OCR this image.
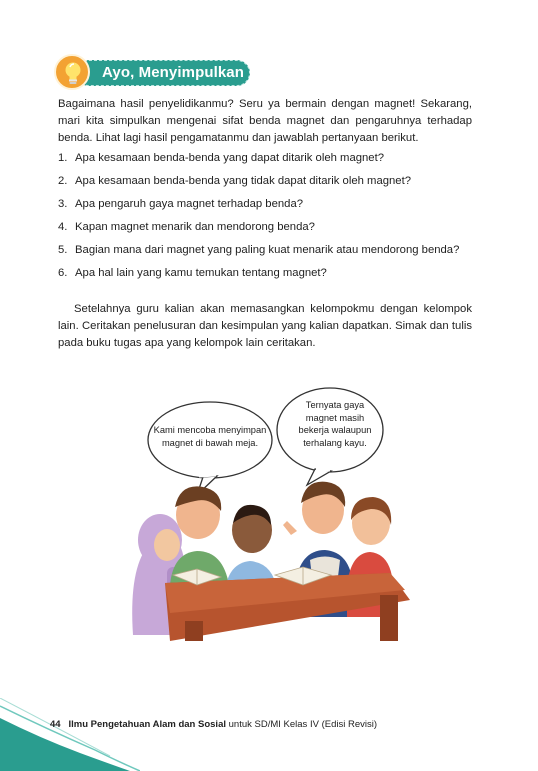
Ayo, Menyimpulkan

Bagaimana hasil penyelidikanmu? Seru ya bermain dengan magnet! Sekarang, mari kita simpulkan mengenai sifat benda magnet dan pengaruhnya terhadap benda. Lihat lagi hasil pengamatanmu dan jawablah pertanyaan berikut.

1. Apa kesamaan benda-benda yang dapat ditarik oleh magnet?
2. Apa kesamaan benda-benda yang tidak dapat ditarik oleh magnet?
3. Apa pengaruh gaya magnet terhadap benda?
4. Kapan magnet menarik dan mendorong benda?
5. Bagian mana dari magnet yang paling kuat menarik atau mendorong benda?
6. Apa hal lain yang kamu temukan tentang magnet?

Setelahnya guru kalian akan memasangkan kelompokmu dengan kelompok lain. Ceritakan penelusuran dan kesimpulan yang kalian dapatkan. Simak dan tulis pada buku tugas apa yang kelompok lain ceritakan.

Kami mencoba menyimpan magnet di bawah meja.
Ternyata gaya magnet masih bekerja walaupun terhalang kayu.
44 Ilmu Pengetahuan Alam dan Sosial untuk SD/MI Kelas IV (Edisi Revisi)
